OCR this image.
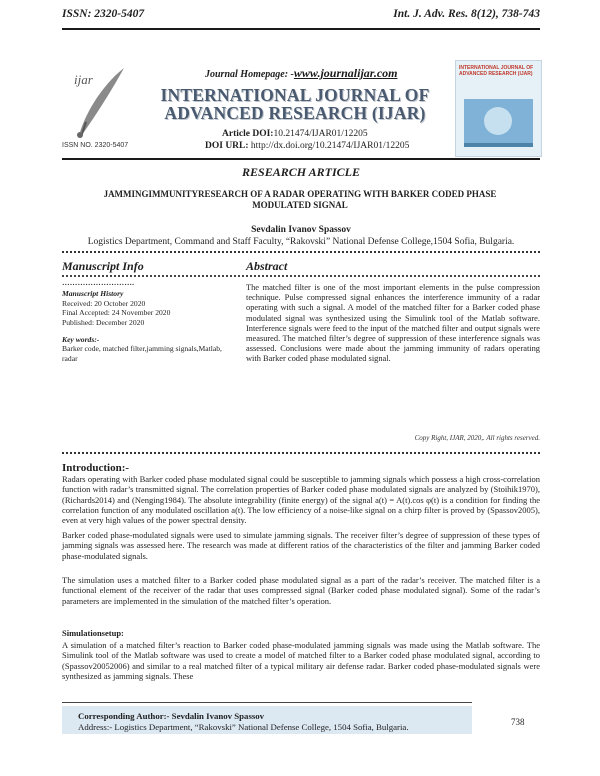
ISSN: 2320-5407	Int. J. Adv. Res. 8(12), 738-743
ijar
ISSN NO. 2320-5407
Journal Homepage: -www.journalijar.com
INTERNATIONAL JOURNAL OF ADVANCED RESEARCH (IJAR)
Article DOI:10.21474/IJAR01/12205
DOI URL: http://dx.doi.org/10.21474/IJAR01/12205
INTERNATIONAL JOURNAL OF ADVANCED RESEARCH (IJAR)
RESEARCH ARTICLE
JAMMINGIMMUNITYRESEARCH OF A RADAR OPERATING WITH BARKER CODED PHASE MODULATED SIGNAL
Sevdalin Ivanov Spassov
Logistics Department, Command and Staff Faculty, “Rakovski” National Defense College,1504 Sofia, Bulgaria.
Manuscript Info	Abstract
……………………….
Manuscript History
Received: 20 October 2020
Final Accepted: 24 November 2020
Published: December 2020
Key words:-
Barker code, matched filter,jamming signals,Matlab, radar
The matched filter is one of the most important elements in the pulse compression technique. Pulse compressed signal enhances the interference immunity of a radar operating with such a signal. A model of the matched filter for a Barker coded phase modulated signal was synthesized using the Simulink tool of the Matlab software. Interference signals were feed to the input of the matched filter and output signals were measured. The matched filter’s degree of suppression of these interference signals was assessed. Conclusions were made about the jamming immunity of radars operating with Barker coded phase modulated signal.
Copy Right, IJAR, 2020,. All rights reserved.
Introduction:-
Radars operating with Barker coded phase modulated signal could be susceptible to jamming signals which possess a high cross-correlation function with radar’s transmitted signal. The correlation properties of Barker coded phase modulated signals are analyzed by (Stoihik1970), (Richards2014) and (Nenging1984). The absolute integrability (finite energy) of the signal a(t) = A(t).cos φ(t) is a condition for finding the correlation function of any modulated oscillation a(t). The low efficiency of a noise-like signal on a chirp filter is proved by (Spassov2005), even at very high values of the power spectral density.
Barker coded phase-modulated signals were used to simulate jamming signals. The receiver filter’s degree of suppression of these types of jamming signals was assessed here. The research was made at different ratios of the characteristics of the filter and jamming Barker coded phase-modulated signals.
The simulation uses a matched filter to a Barker coded phase modulated signal as a part of the radar’s receiver. The matched filter is a functional element of the receiver of the radar that uses compressed signal (Barker coded phase modulated signal). Some of the radar’s parameters are implemented in the simulation of the matched filter’s operation.
Simulationsetup:
A simulation of a matched filter’s reaction to Barker coded phase-modulated jamming signals was made using the Matlab software. The Simulink tool of the Matlab software was used to create a model of matched filter to a Barker coded phase modulated signal, according to (Spassov20052006) and similar to a real matched filter of a typical military air defense radar. Barker coded phase-modulated signals were synthesized as jamming signals. These
Corresponding Author:- Sevdalin Ivanov Spassov
Address:- Logistics Department, “Rakovski” National Defense College, 1504 Sofia, Bulgaria.	738
